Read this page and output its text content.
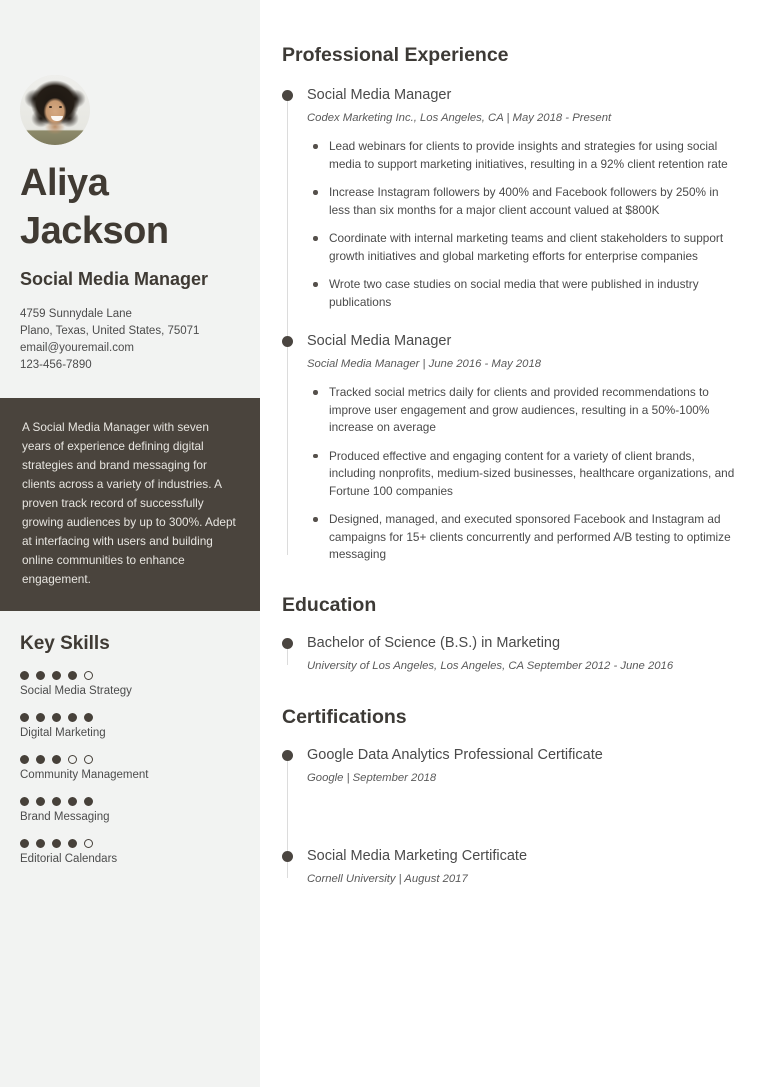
Aliya
Jackson
Social Media Manager
4759 Sunnydale Lane
Plano, Texas, United States, 75071
email@youremail.com
123-456-7890
A Social Media Manager with seven years of experience defining digital strategies and brand messaging for clients across a variety of industries. A proven track record of successfully growing audiences by up to 300%. Adept at interfacing with users and building online communities to enhance engagement.
Key Skills
Social Media Strategy
Digital Marketing
Community Management
Brand Messaging
Editorial Calendars
Professional Experience
Social Media Manager
Codex Marketing Inc., Los Angeles, CA | May 2018 - Present
Lead webinars for clients to provide insights and strategies for using social media to support marketing initiatives, resulting in a 92% client retention rate
Increase Instagram followers by 400% and Facebook followers by 250% in less than six months for a major client account valued at $800K
Coordinate with internal marketing teams and client stakeholders to support growth initiatives and global marketing efforts for enterprise companies
Wrote two case studies on social media that were published in industry publications
Social Media Manager
Social Media Manager | June 2016 - May 2018
Tracked social metrics daily for clients and provided recommendations to improve user engagement and grow audiences, resulting in a 50%-100% increase on average
Produced effective and engaging content for a variety of client brands, including nonprofits, medium-sized businesses, healthcare organizations, and Fortune 100 companies
Designed, managed, and executed sponsored Facebook and Instagram ad campaigns for 15+ clients concurrently and performed A/B testing to optimize messaging
Education
Bachelor of Science (B.S.) in Marketing
University of Los Angeles, Los Angeles, CA September 2012 - June 2016
Certifications
Google Data Analytics Professional Certificate
Google | September 2018
Social Media Marketing Certificate
Cornell University | August 2017
